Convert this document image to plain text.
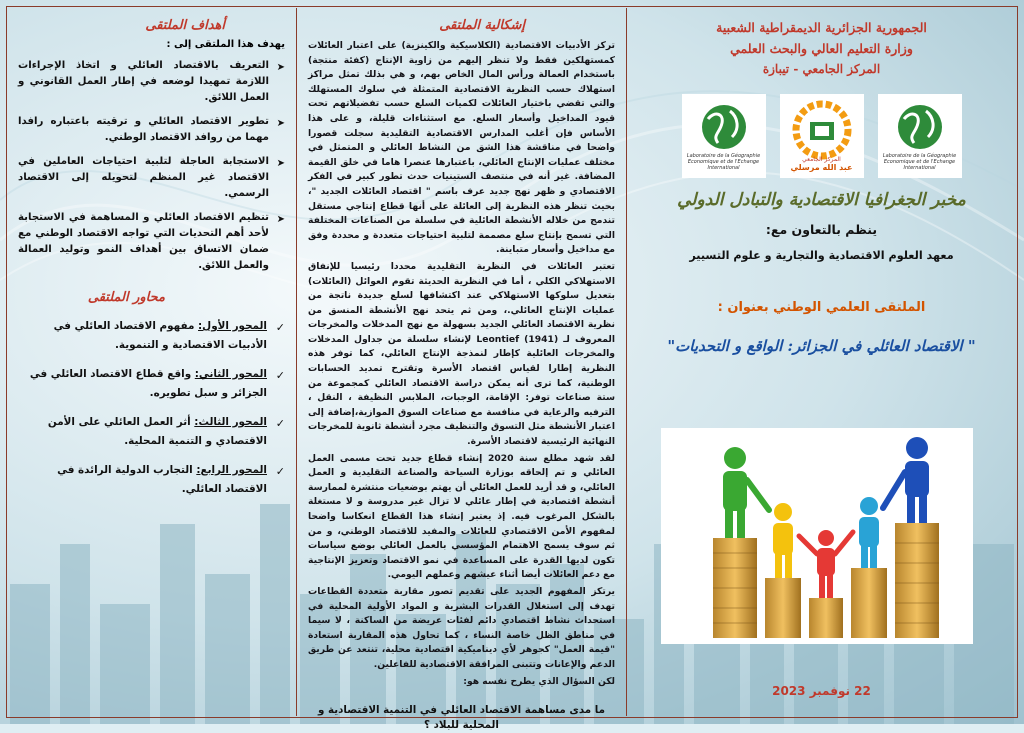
أهداف الملتقى
يهدف هذا الملتقى إلى :
➤
التعريف بالاقتصاد العائلي و اتخاذ الإجراءات اللازمة تمهيدا لوضعه في إطار العمل القانوني و العمل اللائق.
➤
تطوير الاقتصاد العائلي و ترقيته باعتباره رافدا مهما من روافد الاقتصاد الوطني.
➤
الاستجابة العاجلة لتلبية احتياجات العاملين في الاقتصاد غير المنظم لتحويله إلى الاقتصاد الرسمي.
➤
تنظيم الاقتصاد العائلي و المساهمة في الاستجابة لأحد أهم التحديات التي تواجه الاقتصاد الوطني مع ضمان الاتساق بين أهداف النمو وتوليد العمالة والعمل اللائق.
محاور الملتقى
✓
المحور الأول: مفهوم الاقتصاد العائلي في الأدبيات الاقتصادية و التنموية.
✓
المحور الثاني: واقع قطاع الاقتصاد العائلي في الجزائر و سبل تطويره.
✓
المحور الثالث: أثر العمل العائلي على الأمن الاقتصادي و التنمية المحلية.
✓
المحور الرابع: التجارب الدولية الرائدة في الاقتصاد العائلي.
إشكالية الملتقى

تركز الأدبيات الاقتصادية (الكلاسيكية والكينزية) على اعتبار العائلات كمستهلكين فقط ولا تنظر إليهم من زاوية الإنتاج (كفئة منتجة) باستخدام العمالة ورأس المال الخاص بهم، و هي بذلك تمثل مراكز استهلاك حسب النظرية الاقتصادية المتمثلة في سلوك المستهلك والتي تقضي باختيار العائلات لكميات السلع حسب تفضيلاتهم تحت قيود المداخيل وأسعار السلع. مع استثناءات قليلة، و على هذا الأساس فإن أغلب المدارس الاقتصادية التقليدية سجلت قصورا واضحا في مناقشة هذا الشق من النشاط العائلي و المتمثل في مختلف عمليات الإنتاج العائلي، باعتبارها عنصرا هاما في خلق القيمة المضافة. غير أنه في منتصف الستينيات حدث تطور كبير في الفكر الاقتصادي و ظهر نهج جديد عرف باسم " اقتصاد العائلات الجديد "، بحيث تنظر هذه النظرية إلى العائلة على أنها قطاع إنتاجي مستقل تندمج من خلاله الأنشطة العائلية في سلسلة من الصناعات المختلفة التي تسمح بإنتاج سلع مصممة لتلبية احتياجات متعددة و محددة وفق مع مداخيل وأسعار متباينة.

تعتبر العائلات في النظرية التقليدية محددا رئيسيا للإنفاق الاستهلاكي الكلي ، أما في النظرية الحديثة تقوم العوائل (العائلات) بتعديل سلوكها الاستهلاكي عند اكتشافها لسلع جديدة ناتجة من عمليات الإنتاج العائلي.، ومن ثم يتحد نهج الأنشطة المنسق من نظرية الاقتصاد العائلي الجديد بسهولة مع نهج المدخلات والمخرجات المعروف لـ Leontief (1941) لإنشاء سلسلة من جداول المدخلات والمخرجات العائلية كإطار لنمذجة الإنتاج العائلي، كما توفر هذه النظرية إطارا لقياس اقتصاد الأسرة وتقترح تمديد الحسابات الوطنية، كما ترى أنه يمكن دراسة الاقتصاد العائلي كمجموعة من ستة صناعات توفر: الإقامة، الوجبات، الملابس النظيفة ، النقل ، الترفيه والرعاية في منافسة مع صناعات السوق الموازية،إضافة إلى اعتبار الأنشطة مثل التسوق والتنظيف مجرد أنشطة ثانوية للمخرجات النهائية الرئيسية لاقتصاد الأسرة.

لقد شهد مطلع سنة 2020 إنشاء قطاع جديد تحت مسمى العمل العائلي و تم إلحاقه بوزارة السياحة والصناعة التقليدية و العمل العائلي، و قد أريد للعمل العائلي أن يهتم بوضعيات منتشرة لممارسة أنشطة اقتصادية في إطار عائلي لا تزال غير مدروسة و لا مستغلة بالشكل المرغوب فيه. إذ يعتبر إنشاء هذا القطاع انعكاسا واضحا لمفهوم الأمن الاقتصادي للعائلات والمفيد للاقتصاد الوطني، و من ثم سوف يسمح الاهتمام المؤسسي بالعمل العائلي بوضع سياسات تكون لديها القدرة على المساعدة في نمو الاقتصاد وتعزيز الإنتاجية مع دعم العائلات أيضا أثناء عيشهم وعملهم اليومي.

يرتكز المفهوم الجديد على تقديم تصور مقاربة متعددة القطاعات تهدف إلى استغلال القدرات البشرية و المواد الأولية المحلية في استحداث نشاط اقتصادي دائم لفئات عريضة من الساكنة ، لا سيما في مناطق الظل خاصة النساء ، كما تحاول هذه المقاربة استعادة "قيمة العمل" كجوهر لأي ديناميكية اقتصادية محلية، تنتعد عن طريق الدعم والإعانات وتتبنى المرافقة الاقتصادية للفاعلين.

لكن السؤال الذي يطرح نفسه هو:

ما مدى مساهمة الاقتصاد العائلي في التنمية الاقتصادية و المحلية للبلاد ؟
الجمهورية الجزائرية الديمقراطية الشعبية
وزارة التعليم العالي والبحث العلمي
المركز الجامعي - تيبازة
Laboratoire de la Géographie Economique et de l'Echange International
المركز الجامعي
عبد الله مرسلي
Laboratoire de la Géographie Economique et de l'Echange International
مخبر الجغرافيا الاقتصادية والتبادل الدولي
ينظم بالتعاون مع:
معهد العلوم الاقتصادية والتجارية و علوم التسيير
الملتقى العلمي الوطني بعنوان :
" الاقتصاد العائلي في الجزائر: الواقع و التحديات"
22 نوفمبر 2023
